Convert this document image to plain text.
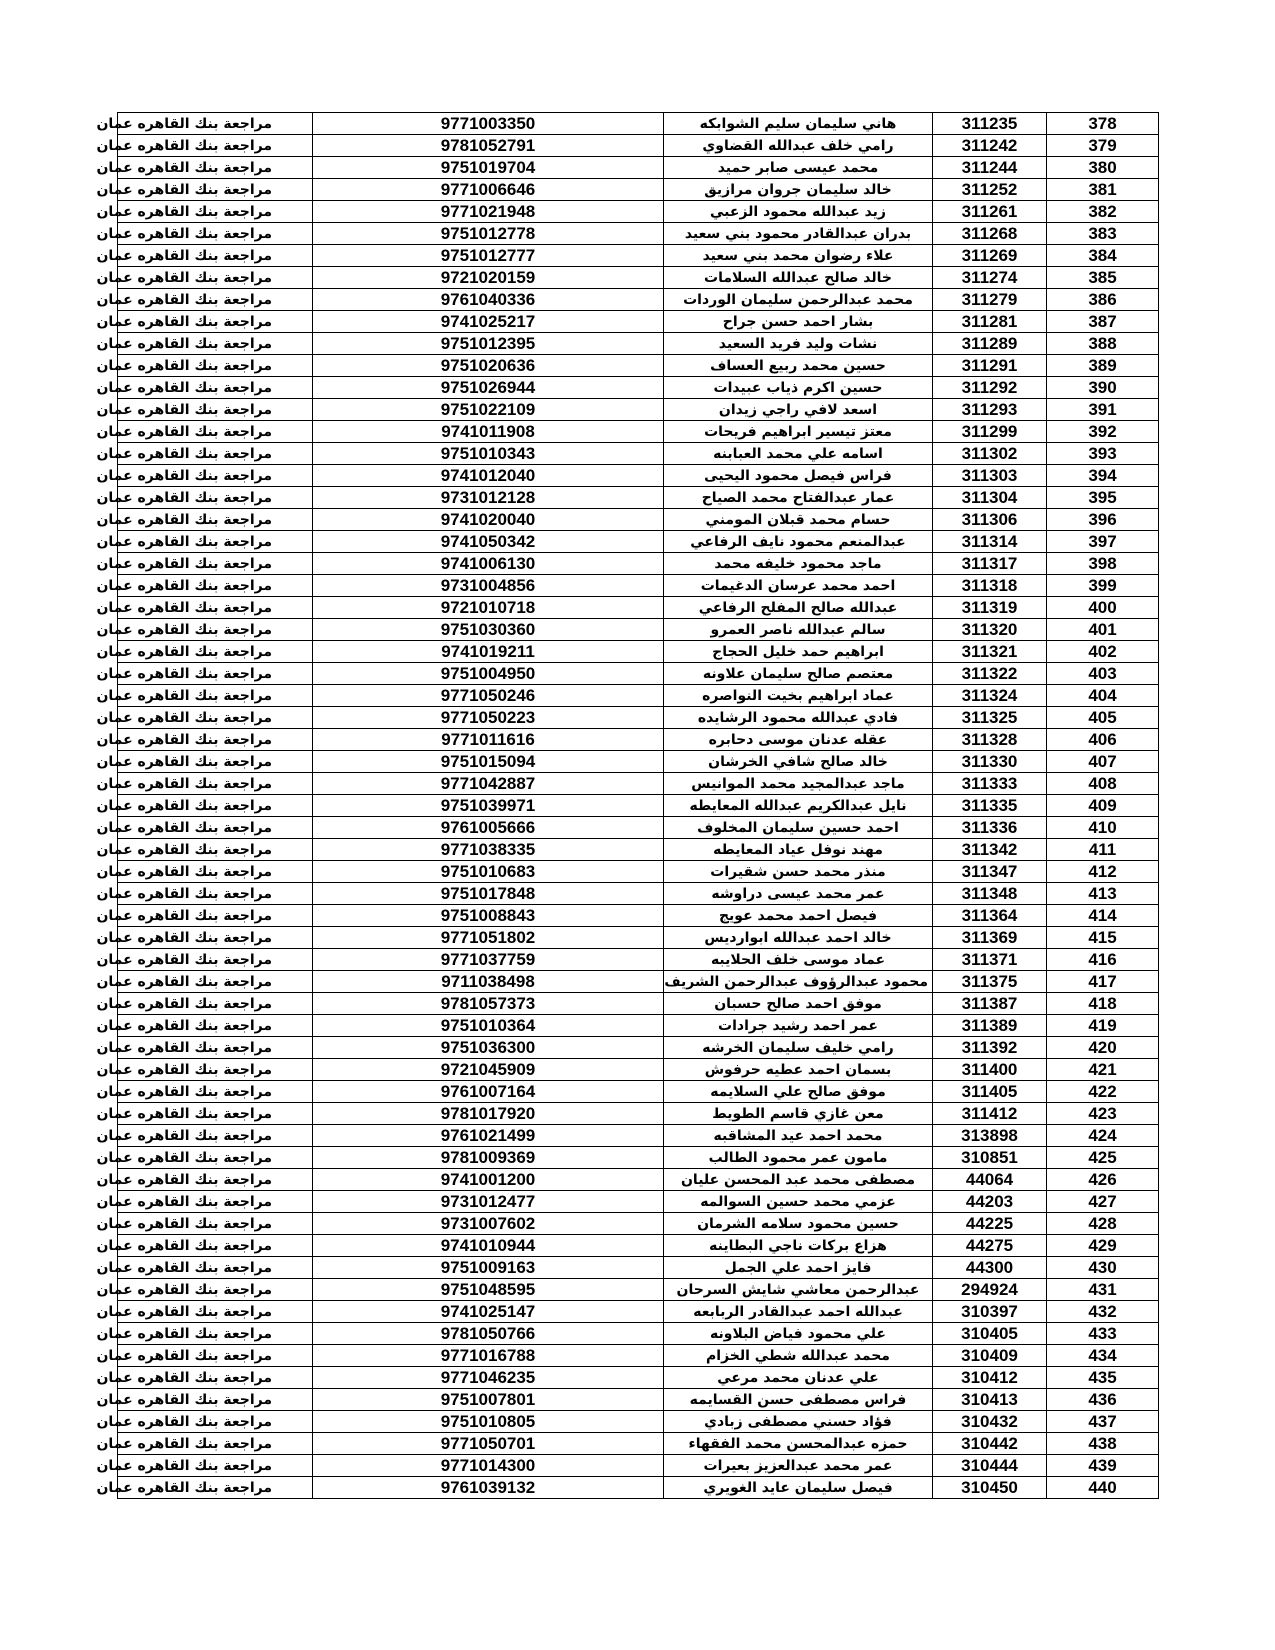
378	311235	هاني سليمان سليم الشوابكه	9771003350	مراجعة بنك القاهره عمان
379	311242	رامي خلف عبدالله القضاوي	9781052791	مراجعة بنك القاهره عمان
380	311244	محمد عيسى صابر حميد	9751019704	مراجعة بنك القاهره عمان
381	311252	خالد سليمان جروان مرازيق	9771006646	مراجعة بنك القاهره عمان
382	311261	زيد عبدالله محمود الزعبي	9771021948	مراجعة بنك القاهره عمان
383	311268	بدران عبدالقادر محمود بني سعيد	9751012778	مراجعة بنك القاهره عمان
384	311269	علاء رضوان محمد بني سعيد	9751012777	مراجعة بنك القاهره عمان
385	311274	خالد صالح عبدالله السلامات	9721020159	مراجعة بنك القاهره عمان
386	311279	محمد عبدالرحمن سليمان الوردات	9761040336	مراجعة بنك القاهره عمان
387	311281	بشار احمد حسن جراح	9741025217	مراجعة بنك القاهره عمان
388	311289	نشات وليد فريد السعيد	9751012395	مراجعة بنك القاهره عمان
389	311291	حسين محمد ربيع العساف	9751020636	مراجعة بنك القاهره عمان
390	311292	حسين اكرم ذياب عبيدات	9751026944	مراجعة بنك القاهره عمان
391	311293	اسعد لافي راجي زيدان	9751022109	مراجعة بنك القاهره عمان
392	311299	معتز تيسير ابراهيم فريحات	9741011908	مراجعة بنك القاهره عمان
393	311302	اسامه علي محمد العبابنه	9751010343	مراجعة بنك القاهره عمان
394	311303	فراس فيصل محمود اليحيى	9741012040	مراجعة بنك القاهره عمان
395	311304	عمار عبدالفتاح محمد الصياح	9731012128	مراجعة بنك القاهره عمان
396	311306	حسام محمد قبلان المومني	9741020040	مراجعة بنك القاهره عمان
397	311314	عبدالمنعم محمود نايف الرفاعي	9741050342	مراجعة بنك القاهره عمان
398	311317	ماجد محمود خليفه محمد	9741006130	مراجعة بنك القاهره عمان
399	311318	احمد محمد عرسان الدغيمات	9731004856	مراجعة بنك القاهره عمان
400	311319	عبدالله صالح المفلح الرفاعي	9721010718	مراجعة بنك القاهره عمان
401	311320	سالم عبدالله ناصر العمرو	9751030360	مراجعة بنك القاهره عمان
402	311321	ابراهيم حمد خليل الحجاج	9741019211	مراجعة بنك القاهره عمان
403	311322	معتصم صالح سليمان علاونه	9751004950	مراجعة بنك القاهره عمان
404	311324	عماد ابراهيم بخيت النواصره	9771050246	مراجعة بنك القاهره عمان
405	311325	فادي عبدالله محمود الرشايده	9771050223	مراجعة بنك القاهره عمان
406	311328	عقله عدنان موسى دحابره	9771011616	مراجعة بنك القاهره عمان
407	311330	خالد صالح شافي الخرشان	9751015094	مراجعة بنك القاهره عمان
408	311333	ماجد عبدالمجيد محمد الموانيس	9771042887	مراجعة بنك القاهره عمان
409	311335	نايل عبدالكريم عبدالله المعايطه	9751039971	مراجعة بنك القاهره عمان
410	311336	احمد حسين سليمان المخلوف	9761005666	مراجعة بنك القاهره عمان
411	311342	مهند نوفل عياد المعايطه	9771038335	مراجعة بنك القاهره عمان
412	311347	منذر محمد حسن شقيرات	9751010683	مراجعة بنك القاهره عمان
413	311348	عمر محمد عيسى دراوشه	9751017848	مراجعة بنك القاهره عمان
414	311364	فيصل احمد محمد عويج	9751008843	مراجعة بنك القاهره عمان
415	311369	خالد احمد عبدالله ابوارديس	9771051802	مراجعة بنك القاهره عمان
416	311371	عماد موسى خلف الحلايبه	9771037759	مراجعة بنك القاهره عمان
417	311375	محمود عبدالرؤوف عبدالرحمن الشريف	9711038498	مراجعة بنك القاهره عمان
418	311387	موفق احمد صالح حسبان	9781057373	مراجعة بنك القاهره عمان
419	311389	عمر احمد رشيد جرادات	9751010364	مراجعة بنك القاهره عمان
420	311392	رامي خليف سليمان الخرشه	9751036300	مراجعة بنك القاهره عمان
421	311400	بسمان احمد عطيه حرفوش	9721045909	مراجعة بنك القاهره عمان
422	311405	موفق صالح علي السلايمه	9761007164	مراجعة بنك القاهره عمان
423	311412	معن غازي قاسم الطويط	9781017920	مراجعة بنك القاهره عمان
424	313898	محمد احمد عيد المشاقبه	9761021499	مراجعة بنك القاهره عمان
425	310851	مامون عمر محمود الطالب	9781009369	مراجعة بنك القاهره عمان
426	44064	مصطفى محمد عبد المحسن عليان	9741001200	مراجعة بنك القاهره عمان
427	44203	عزمي محمد حسين السوالمه	9731012477	مراجعة بنك القاهره عمان
428	44225	حسين محمود سلامه الشرمان	9731007602	مراجعة بنك القاهره عمان
429	44275	هزاع بركات ناجي البطاينه	9741010944	مراجعة بنك القاهره عمان
430	44300	فايز احمد علي الجمل	9751009163	مراجعة بنك القاهره عمان
431	294924	عبدالرحمن معاشي شايش السرحان	9751048595	مراجعة بنك القاهره عمان
432	310397	عبدالله احمد عبدالقادر الربابعه	9741025147	مراجعة بنك القاهره عمان
433	310405	علي محمود فياض البلاونه	9781050766	مراجعة بنك القاهره عمان
434	310409	محمد عبدالله شطي الخزام	9771016788	مراجعة بنك القاهره عمان
435	310412	علي عدنان محمد مرعي	9771046235	مراجعة بنك القاهره عمان
436	310413	فراس مصطفى حسن القسايمه	9751007801	مراجعة بنك القاهره عمان
437	310432	فؤاد حسني مصطفى زبادي	9751010805	مراجعة بنك القاهره عمان
438	310442	حمزه عبدالمحسن محمد الفقهاء	9771050701	مراجعة بنك القاهره عمان
439	310444	عمر محمد عبدالعزيز بعيرات	9771014300	مراجعة بنك القاهره عمان
440	310450	فيصل سليمان عايد الغويري	9761039132	مراجعة بنك القاهره عمان
